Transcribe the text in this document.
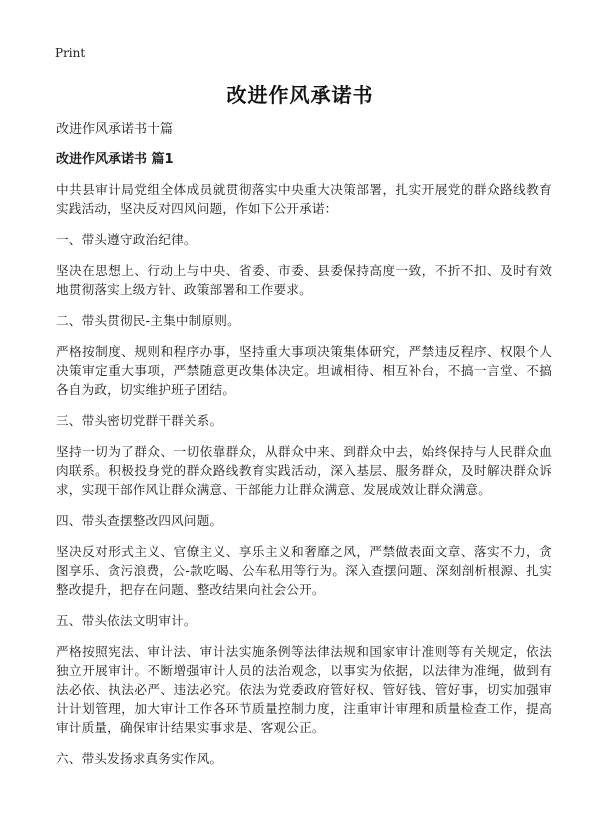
Print
改进作风承诺书
改进作风承诺书十篇
改进作风承诺书 篇1
中共县审计局党组全体成员就贯彻落实中央重大决策部署，扎实开展党的群众路线教育实践活动，坚决反对四风问题，作如下公开承诺：
一、带头遵守政治纪律。
坚决在思想上、行动上与中央、省委、市委、县委保持高度一致，不折不扣、及时有效地贯彻落实上级方针、政策部署和工作要求。
二、带头贯彻民-主集中制原则。
严格按制度、规则和程序办事，坚持重大事项决策集体研究，严禁违反程序、权限个人决策审定重大事项，严禁随意更改集体决定。坦诚相待、相互补台，不搞一言堂、不搞各自为政，切实维护班子团结。
三、带头密切党群干群关系。
坚持一切为了群众、一切依靠群众，从群众中来、到群众中去，始终保持与人民群众血肉联系。积极投身党的群众路线教育实践活动，深入基层、服务群众，及时解决群众诉求，实现干部作风让群众满意、干部能力让群众满意、发展成效让群众满意。
四、带头查摆整改四风问题。
坚决反对形式主义、官僚主义、享乐主义和奢靡之风，严禁做表面文章、落实不力，贪图享乐、贪污浪费，公-款吃喝、公车私用等行为。深入查摆问题、深刻剖析根源、扎实整改提升，把存在问题、整改结果向社会公开。
五、带头依法文明审计。
严格按照宪法、审计法、审计法实施条例等法律法规和国家审计准则等有关规定，依法独立开展审计。不断增强审计人员的法治观念，以事实为依据，以法律为准绳，做到有法必依、执法必严、违法必究。依法为党委政府管好权、管好钱、管好事，切实加强审计计划管理，加大审计工作各环节质量控制力度，注重审计审理和质量检查工作，提高审计质量，确保审计结果实事求是、客观公正。
六、带头发扬求真务实作风。
